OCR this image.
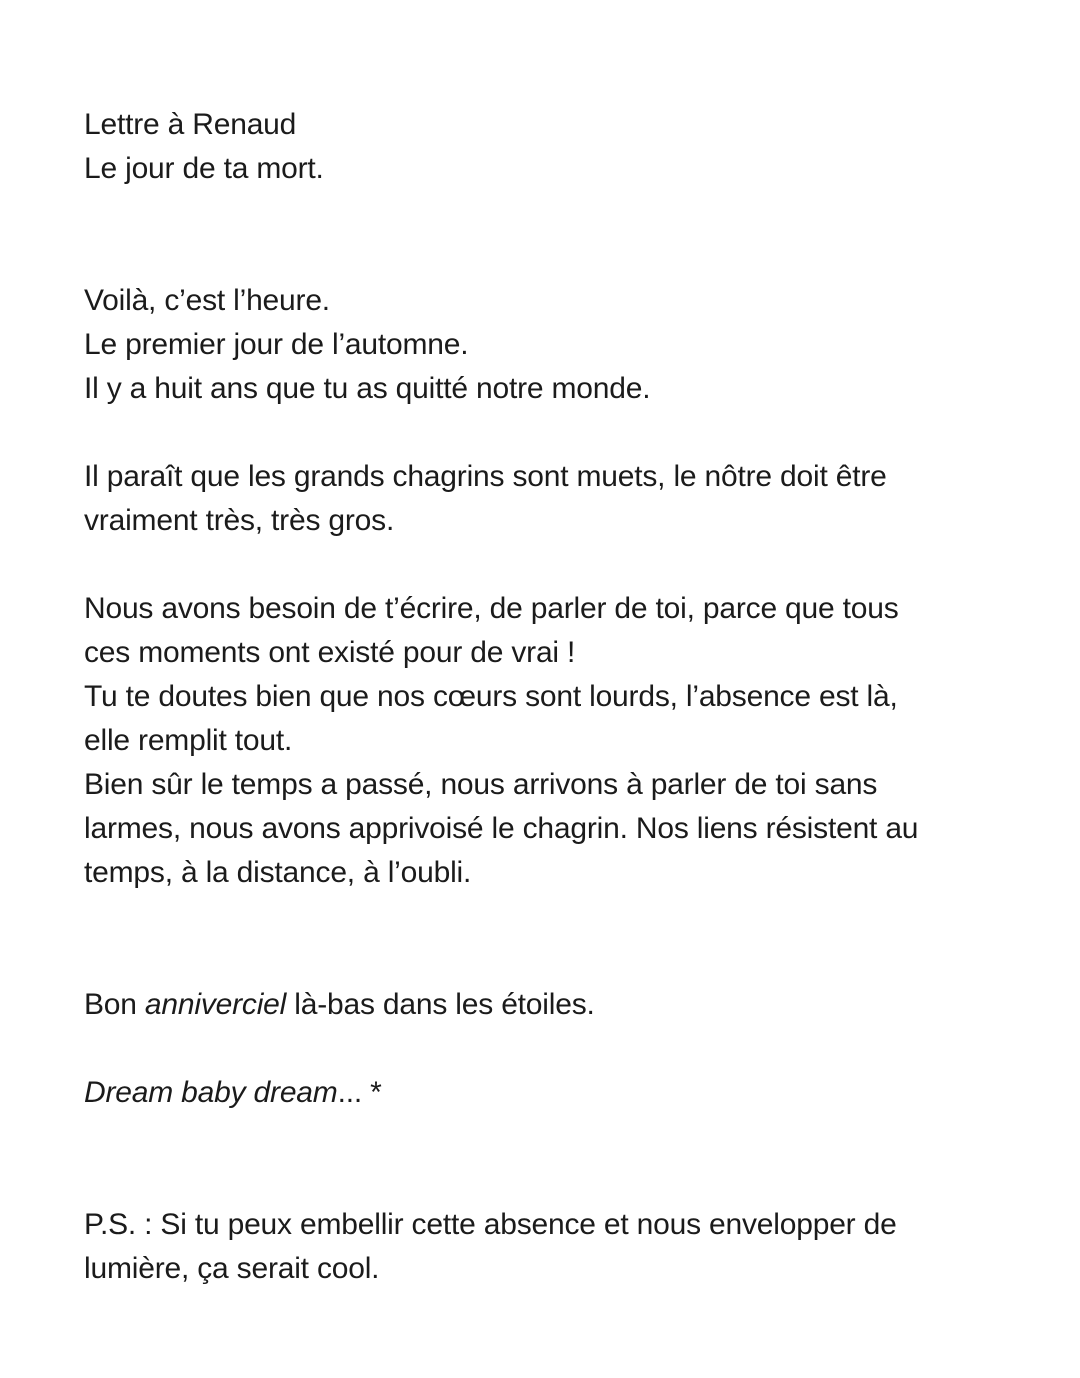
Lettre à Renaud
Le jour de ta mort.
Voilà, c’est l’heure.
Le premier jour de l’automne.
Il y a huit ans que tu as quitté notre monde.
Il paraît que les grands chagrins sont muets, le nôtre doit être
vraiment très, très gros.
Nous avons besoin de t’écrire, de parler de toi, parce que tous
ces moments ont existé pour de vrai !
Tu te doutes bien que nos cœurs sont lourds, l’absence est là,
elle remplit tout.
Bien sûr le temps a passé, nous arrivons à parler de toi sans
larmes, nous avons apprivoisé le chagrin. Nos liens résistent au
temps, à la distance, à l’oubli.
Bon anniverciel là-bas dans les étoiles.
Dream baby dream... *
P.S. : Si tu peux embellir cette absence et nous envelopper de
lumière, ça serait cool.
